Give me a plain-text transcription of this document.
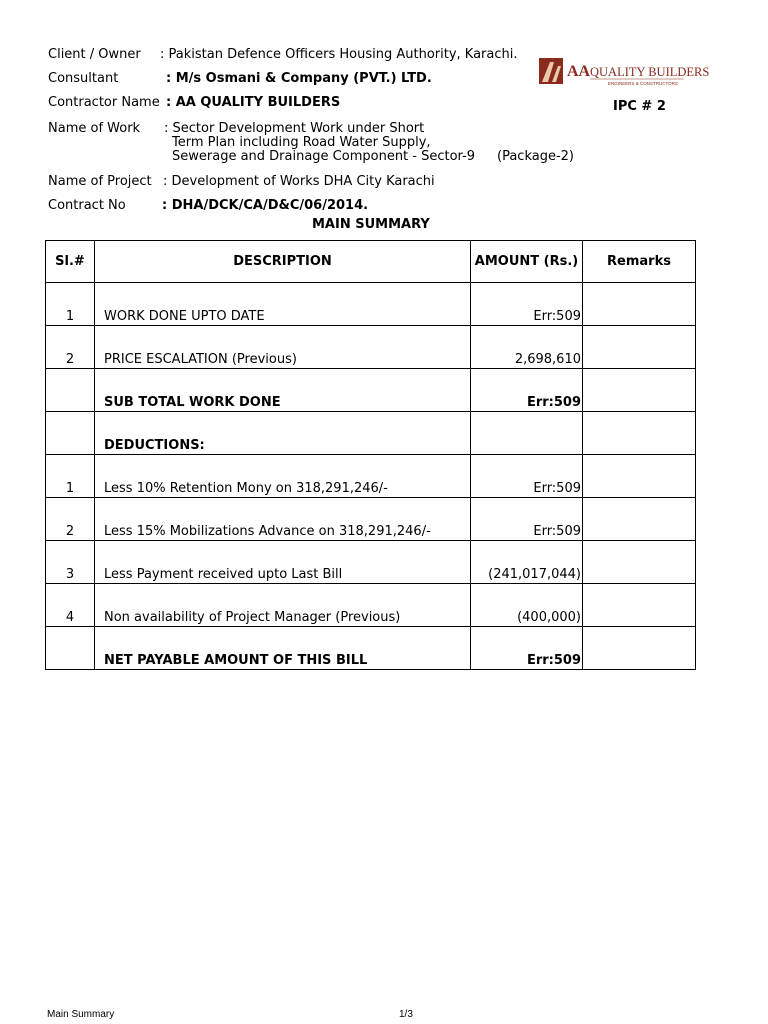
Client / Owner : Pakistan Defence Officers Housing Authority, Karachi.
Consultant	: M/s Osmani & Company (PVT.) LTD.
Contractor Name : AA QUALITY BUILDERS	IPC # 2
Name of Work : Sector Development Work under Short
Term Plan including Road Water Supply,
Sewerage and Drainage Component - Sector-9 (Package-2)
Name of Project : Development of Works DHA City Karachi
Contract No	: DHA/DCK/CA/D&C/06/2014.
MAIN SUMMARY
AA QUALITY BUILDERS
ENGINEERS & CONSTRUCTORS
Sl.#	DESCRIPTION	AMOUNT (Rs.)	Remarks
1	WORK DONE UPTO DATE	Err:509	
2	PRICE ESCALATION (Previous)	2,698,610	
	SUB TOTAL WORK DONE	Err:509	
	DEDUCTIONS:		
1	Less 10% Retention Mony on 318,291,246/-	Err:509	
2	Less 15% Mobilizations Advance on 318,291,246/-	Err:509	
3	Less Payment received upto Last Bill	(241,017,044)	
4	Non availability of Project Manager (Previous)	(400,000)	
	NET PAYABLE AMOUNT OF THIS BILL	Err:509	
Main Summary	1/3
